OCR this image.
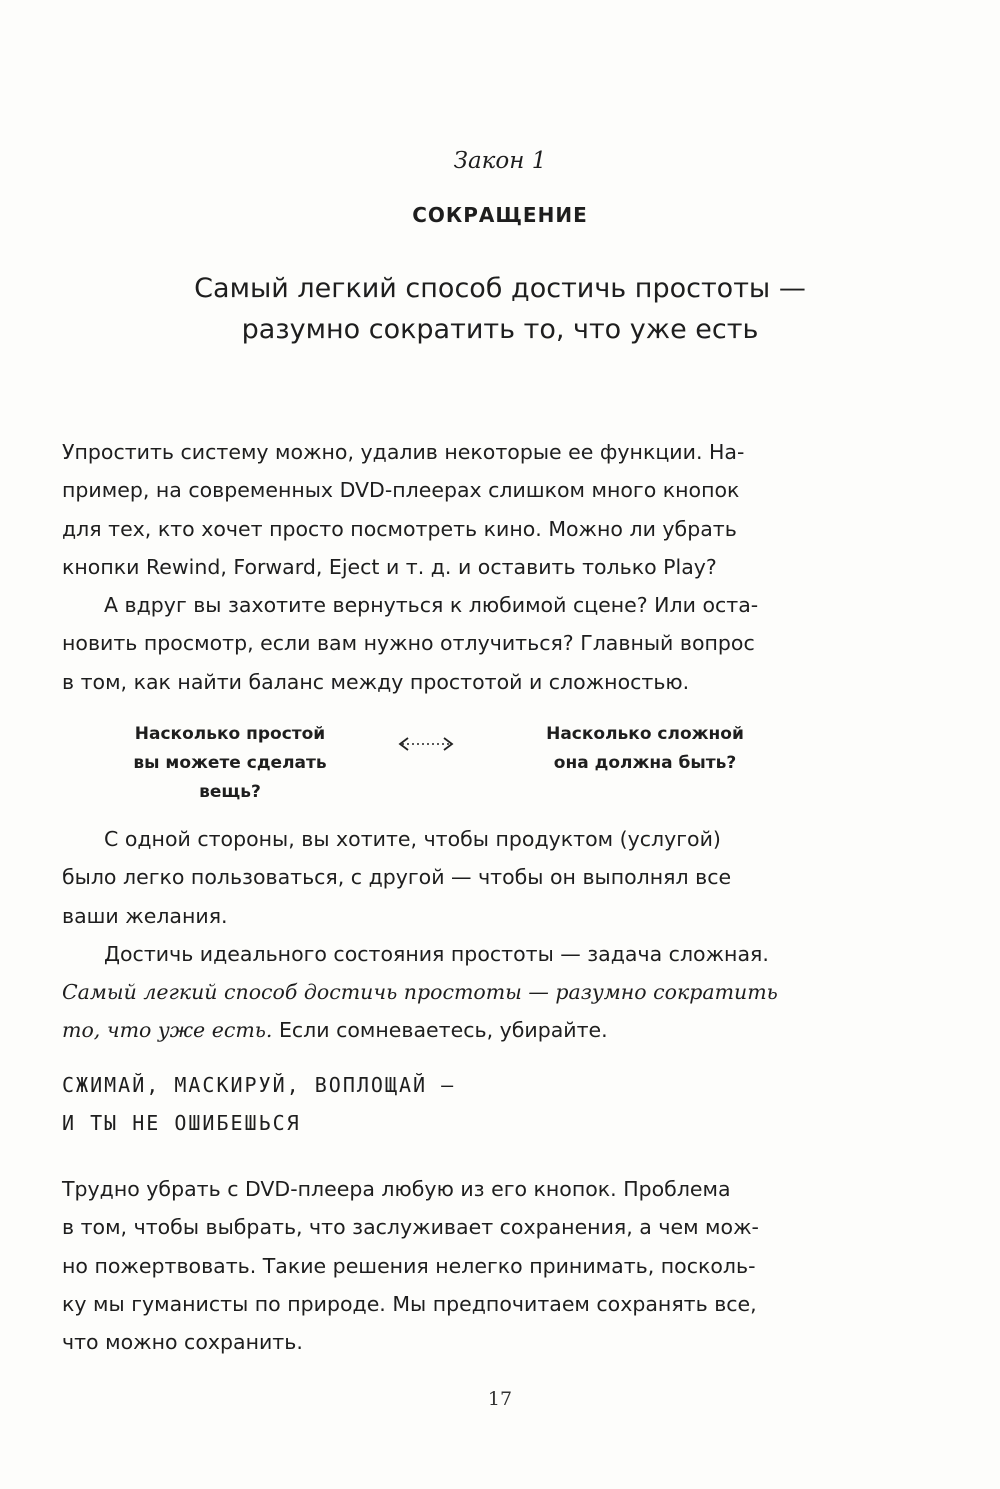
Закон 1
СОКРАЩЕНИЕ
Самый легкий способ достичь простоты —
разумно сократить то, что уже есть
Упростить систему можно, удалив некоторые ее функции. На-
пример, на современных DVD-плеерах слишком много кнопок
для тех, кто хочет просто посмотреть кино. Можно ли убрать
кнопки Rewind, Forward, Eject и т. д. и оставить только Play?
А вдруг вы захотите вернуться к любимой сцене? Или оста-
новить просмотр, если вам нужно отлучиться? Главный вопрос
в том, как найти баланс между простотой и сложностью.
Насколько простой
вы можете сделать вещь?
Насколько сложной
она должна быть?
С одной стороны, вы хотите, чтобы продуктом (услугой)
было легко пользоваться, с другой — чтобы он выполнял все
ваши желания.
Достичь идеального состояния простоты — задача сложная.
Самый легкий способ достичь простоты — разумно сократить
то, что уже есть. Если сомневаетесь, убирайте.
СЖИМАЙ, МАСКИРУЙ, ВОПЛОЩАЙ —
И ТЫ НЕ ОШИБЕШЬСЯ
Трудно убрать с DVD-плеера любую из его кнопок. Проблема
в том, чтобы выбрать, что заслуживает сохранения, а чем мож-
но пожертвовать. Такие решения нелегко принимать, посколь-
ку мы гуманисты по природе. Мы предпочитаем сохранять все,
что можно сохранить.
17
